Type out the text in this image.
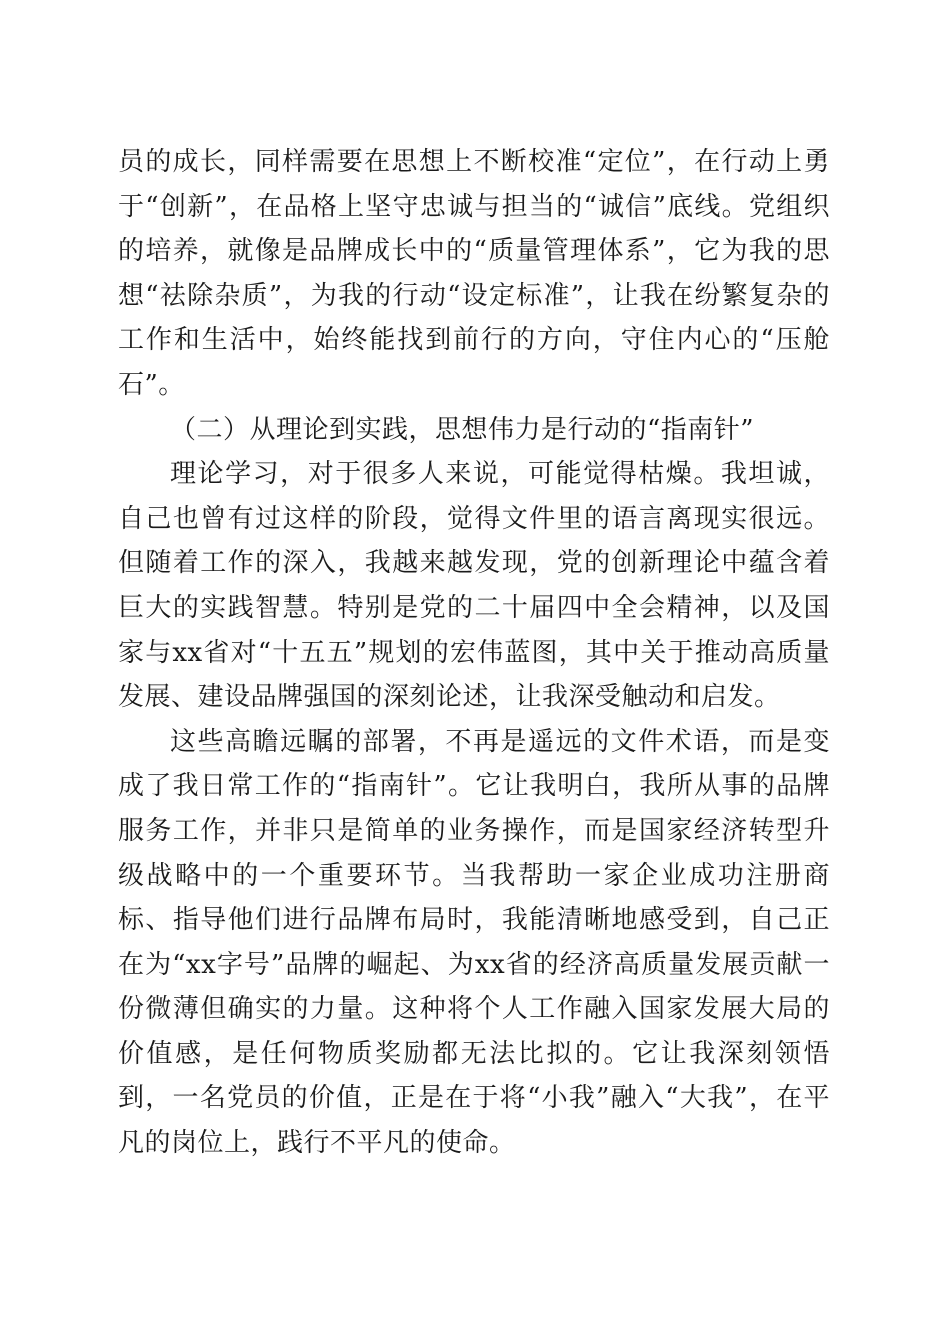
员的成长，同样需要在思想上不断校准“定位”，在行动上勇于“创新”，在品格上坚守忠诚与担当的“诚信”底线。党组织的培养，就像是品牌成长中的“质量管理体系”，它为我的思想“祛除杂质”，为我的行动“设定标准”，让我在纷繁复杂的工作和生活中，始终能找到前行的方向，守住内心的“压舱石”。

（二）从理论到实践，思想伟力是行动的“指南针”

理论学习，对于很多人来说，可能觉得枯燥。我坦诚，自己也曾有过这样的阶段，觉得文件里的语言离现实很远。但随着工作的深入，我越来越发现，党的创新理论中蕴含着巨大的实践智慧。特别是党的二十届四中全会精神，以及国家与xx省对“十五五”规划的宏伟蓝图，其中关于推动高质量发展、建设品牌强国的深刻论述，让我深受触动和启发。

这些高瞻远瞩的部署，不再是遥远的文件术语，而是变成了我日常工作的“指南针”。它让我明白，我所从事的品牌服务工作，并非只是简单的业务操作，而是国家经济转型升级战略中的一个重要环节。当我帮助一家企业成功注册商标、指导他们进行品牌布局时，我能清晰地感受到，自己正在为“xx字号”品牌的崛起、为xx省的经济高质量发展贡献一份微薄但确实的力量。这种将个人工作融入国家发展大局的价值感，是任何物质奖励都无法比拟的。它让我深刻领悟到，一名党员的价值，正是在于将“小我”融入“大我”，在平凡的岗位上，践行不平凡的使命。
